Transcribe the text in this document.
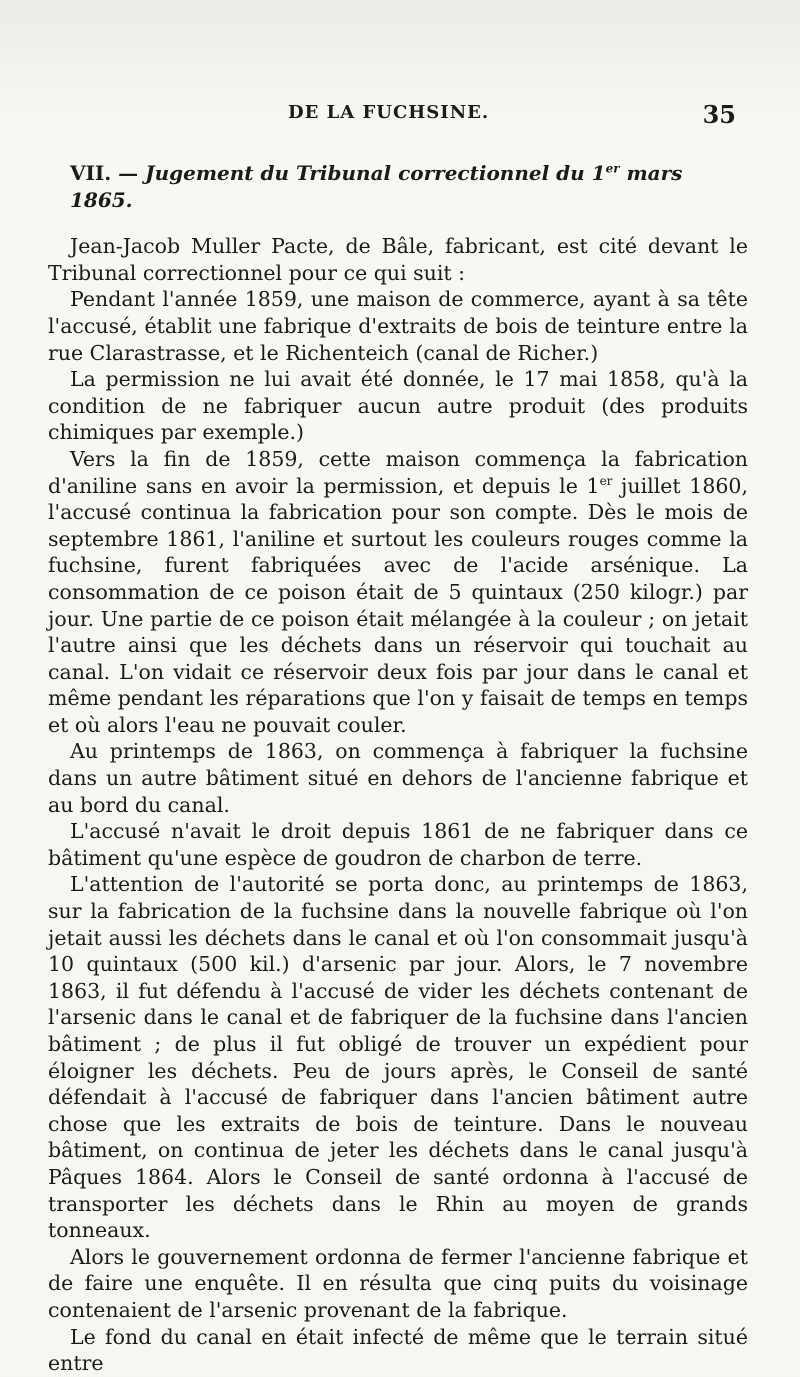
DE LA FUCHSINE.	35
VII. — Jugement du Tribunal correctionnel du 1er mars 1865.

Jean-Jacob Muller Pacte, de Bâle, fabricant, est cité devant le Tribunal correctionnel pour ce qui suit :

Pendant l'année 1859, une maison de commerce, ayant à sa tête l'accusé, établit une fabrique d'extraits de bois de teinture entre la rue Clarastrasse, et le Richenteich (canal de Richer.)

La permission ne lui avait été donnée, le 17 mai 1858, qu'à la condition de ne fabriquer aucun autre produit (des produits chimiques par exemple.)

Vers la fin de 1859, cette maison commença la fabrication d'aniline sans en avoir la permission, et depuis le 1er juillet 1860, l'accusé continua la fabrication pour son compte. Dès le mois de septembre 1861, l'aniline et surtout les couleurs rouges comme la fuchsine, furent fabriquées avec de l'acide arsénique. La consommation de ce poison était de 5 quintaux (250 kilogr.) par jour. Une partie de ce poison était mélangée à la couleur ; on jetait l'autre ainsi que les déchets dans un réservoir qui touchait au canal. L'on vidait ce réservoir deux fois par jour dans le canal et même pendant les réparations que l'on y faisait de temps en temps et où alors l'eau ne pouvait couler.

Au printemps de 1863, on commença à fabriquer la fuchsine dans un autre bâtiment situé en dehors de l'ancienne fabrique et au bord du canal.

L'accusé n'avait le droit depuis 1861 de ne fabriquer dans ce bâtiment qu'une espèce de goudron de charbon de terre.

L'attention de l'autorité se porta donc, au printemps de 1863, sur la fabrication de la fuchsine dans la nouvelle fabrique où l'on jetait aussi les déchets dans le canal et où l'on consommait jusqu'à 10 quintaux (500 kil.) d'arsenic par jour. Alors, le 7 novembre 1863, il fut défendu à l'accusé de vider les déchets contenant de l'arsenic dans le canal et de fabriquer de la fuchsine dans l'ancien bâtiment ; de plus il fut obligé de trouver un expédient pour éloigner les déchets. Peu de jours après, le Conseil de santé défendait à l'accusé de fabriquer dans l'ancien bâtiment autre chose que les extraits de bois de teinture. Dans le nouveau bâtiment, on continua de jeter les déchets dans le canal jusqu'à Pâques 1864. Alors le Conseil de santé ordonna à l'accusé de transporter les déchets dans le Rhin au moyen de grands tonneaux.

Alors le gouvernement ordonna de fermer l'ancienne fabrique et de faire une enquête. Il en résulta que cinq puits du voisinage contenaient de l'arsenic provenant de la fabrique.

Le fond du canal en était infecté de même que le terrain situé entre
